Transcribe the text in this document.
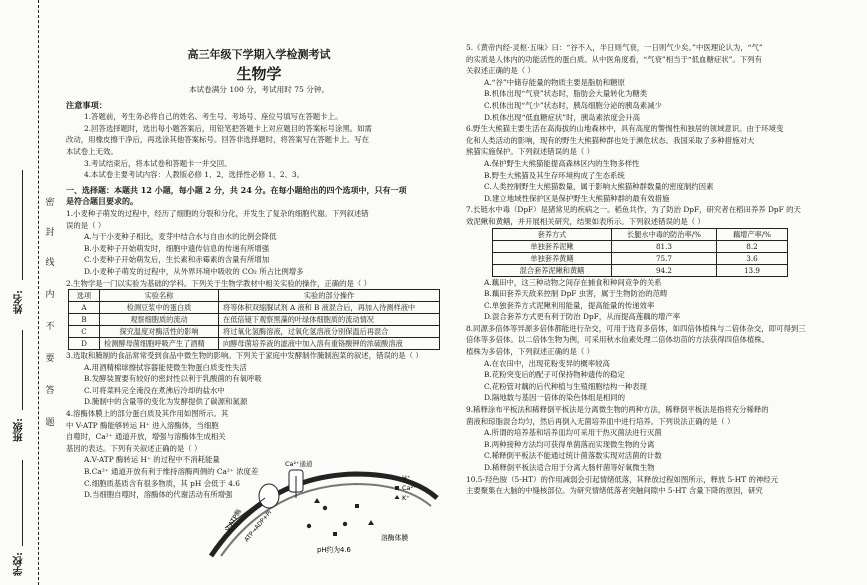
姓名:
班级:
学校:
密
封
线
内
不
要
答
题

高三年级下学期入学检测考试

生物学

本试卷满分 100 分，考试用时 75 分钟。

注意事项：

1.答题前，考生务必将自己的姓名、考生号、考场号、座位号填写在答题卡上。

2.回答选择题时，选出每小题答案后，用铅笔把答题卡上对应题目的答案标号涂黑。如需

改动，用橡皮擦干净后，再选涂其他答案标号。回答非选择题时，将答案写在答题卡上。写在

本试卷上无效。

3.考试结束后，将本试卷和答题卡一并交回。

4.本试卷主要考试内容：人教版必修 1、2，选择性必修 1、2、3。

一、选择题：本题共 12 小题，每小题 2 分，共 24 分。在每小题给出的四个选项中，只有一项

是符合题目要求的。

1.小麦种子萌发的过程中，经历了细胞的分裂和分化，并发生了复杂的细胞代谢。下列叙述错

误的是（ ）

A.与干小麦种子相比，麦芽中结合水与自由水的比例会降低

B.小麦种子开始萌发时，细胞中遗传信息的传递有所增强

C.小麦种子开始萌发后，生长素和赤霉素的含量有所增加

D.小麦种子萌发的过程中，从外界环境中吸收的 CO₂ 所占比例增多

2.生物学是一门以实验为基础的学科。下列关于生物学教材中相关实验的操作，正确的是（ ）

选项	实验名称	实验的部分操作
A	检测豆浆中的蛋白质	将等体积双缩脲试剂 A 液和 B 液混合后，再加入待测样液中
B	观察细胞质的流动	在低倍镜下观察黑藻的叶绿体细胞质的流动情况
C	探究温度对酶活性的影响	将过氧化氢酶溶液，过氧化氢溶液分别保温后再混合
D	检测酵母菌细胞呼吸产生了酒精	向酵母菌培养液的滤液中加入溶有重铬酸钾的浓硫酸溶液

3.选取和腌制的食品常常受到食品中微生物的影响。下列关于家庭中发酵制作腌制泡菜的叙述，错误的是（ ）

A.用酒精棉球擦拭容器能使微生物蛋白质变性失活

B.发酵装置要有较好的密封性以利于乳酸菌的有氧呼吸

C.可将菜料完全淹没在煮沸后冷却的盐水中

D.腌制中的含量等的变化为发酵提供了碳源和氮源

4.溶酶体膜上的部分蛋白质及其作用如图所示。其

中 V-ATP 酶能够转运 H⁺ 进入溶酶体，当细胞

自噬时，Ca²⁺ 通道开放，增强与溶酶体生成相关

基因的表达。下列有关叙述正确的是（ ）

A.V-ATP 酶转运 H⁺ 的过程中不消耗能量

B.Ca²⁺ 通道开放有利于维持溶酶两侧的 Ca²⁺ 浓度差

C.细胞质基质含有很多物质，其 pH 会低于 4.6

D.当细胞自噬时，溶酶体的代谢活动有所增强

Ca²⁺通道
V-ATP酶 ATP→ADP+Pi
pH约为4.6
溶酶体膜
H⁺
Ca²⁺
K⁺

5.《黄帝内经·灵枢·五味》曰：“谷不入，半日则气衰，一日则气少矣。”中医理论认为，“气”

的实质是人体内的功能活性的蛋白质。从中医角度看，“气衰”相当于“低血糖症状”。下列有

关叙述正确的是（ ）

A.“谷”中储存能量的物质主要是脂肪和糖原

B.机体出现“气衰”状态时，脂肪会大量转化为糖类

C.机体出现“气少”状态时，胰岛细胞分泌的胰岛素减少

D.机体出现“低血糖症状”时，胰岛素浓度会升高

6.野生大熊猫主要生活在高海拔的山地森林中，具有高度的警惕性和独居的领域意识。由于环境变

化和人类活动的影响，现有的野生大熊猫种群也处于濒危状态。我国采取了多种措施对大

熊猫实施保护。下列叙述错误的是（ ）

A.保护野生大熊猫能提高森林区内的生物多样性

B.野生大熊猫及其生存环境构成了生态系统

C.人类控制野生大熊猫数量，属于影响大熊猫种群数量的密度制约因素

D.建立地域性保护区是保护野生大熊猫种群的最有效措施

7.长链水中毒（DpF）是猪常见的疾病之一。稻鱼共作，为了防治 DpF，研究者在稻田养养 DpF 的天

效泥鳅和黄鳝，并开展相关研究，结果如表所示。下列叙述错误的是（ ）

套养方式	长腿水中毒的防治率/%	藕增产率/%
单独套养泥鳅	81.3	8.2
单独套养黄鳝	75.7	3.6
混合套养泥鳅和黄鳝	94.2	13.9

A.藕田中，这三种动物之间存在捕食和种间竞争的关系

B.藕田套养天敌来控制 DpF 虫害，属于生物防治的范畴

C.单独套养方式泥鳅利用能量，提高能量的传递效率

D.混合套养方式更有利于防治 DpF，从而提高莲藕的增产率

8.同源多倍体等异源多倍体都能进行杂交，可用于选育多倍体，如四倍体植株与二倍体杂交，即可得到三

倍体等多倍体。以二倍体生物为例，可采用秋水仙素处理二倍体幼苗的方法获得四倍体植株。

植株为多倍体，下列叙述正确的是（ ）

A.在农田中，出现花粉变异的概率较高

B.花粉突变后的配子可保持物种遗传的稳定

C.花粉管对藕的后代种植与生殖细胞结构一种表现

D.隔地数与基因一倍体的染色体组是相同的

9.稀释涂布平板法和稀释倒平板法是分离微生物的两种方法，稀释倒平板法是指将充分稀释的

菌液和琼脂混合均匀，然后再倒入无菌培养皿中进行培养。下列说法正确的是（ ）

A.所谓的培养基和培养皿均可采用干热灭菌法进行灭菌

B.两种接种方法均可获得单菌落而实现微生物的分离

C.稀释倒平板法不能通过统计菌落数实现对活菌的计数

D.稀释倒平板法适合用于分离大肠杆菌等好氧微生物

10.5-羟色胺（5-HT）的作用减弱会引起情绪低落，其释放过程如图所示，释放 5-HT 的神经元

主要聚集在大脑的中缝核部位。为研究情绪低落者突触间隙中 5-HT 含量下降的原因，研究
